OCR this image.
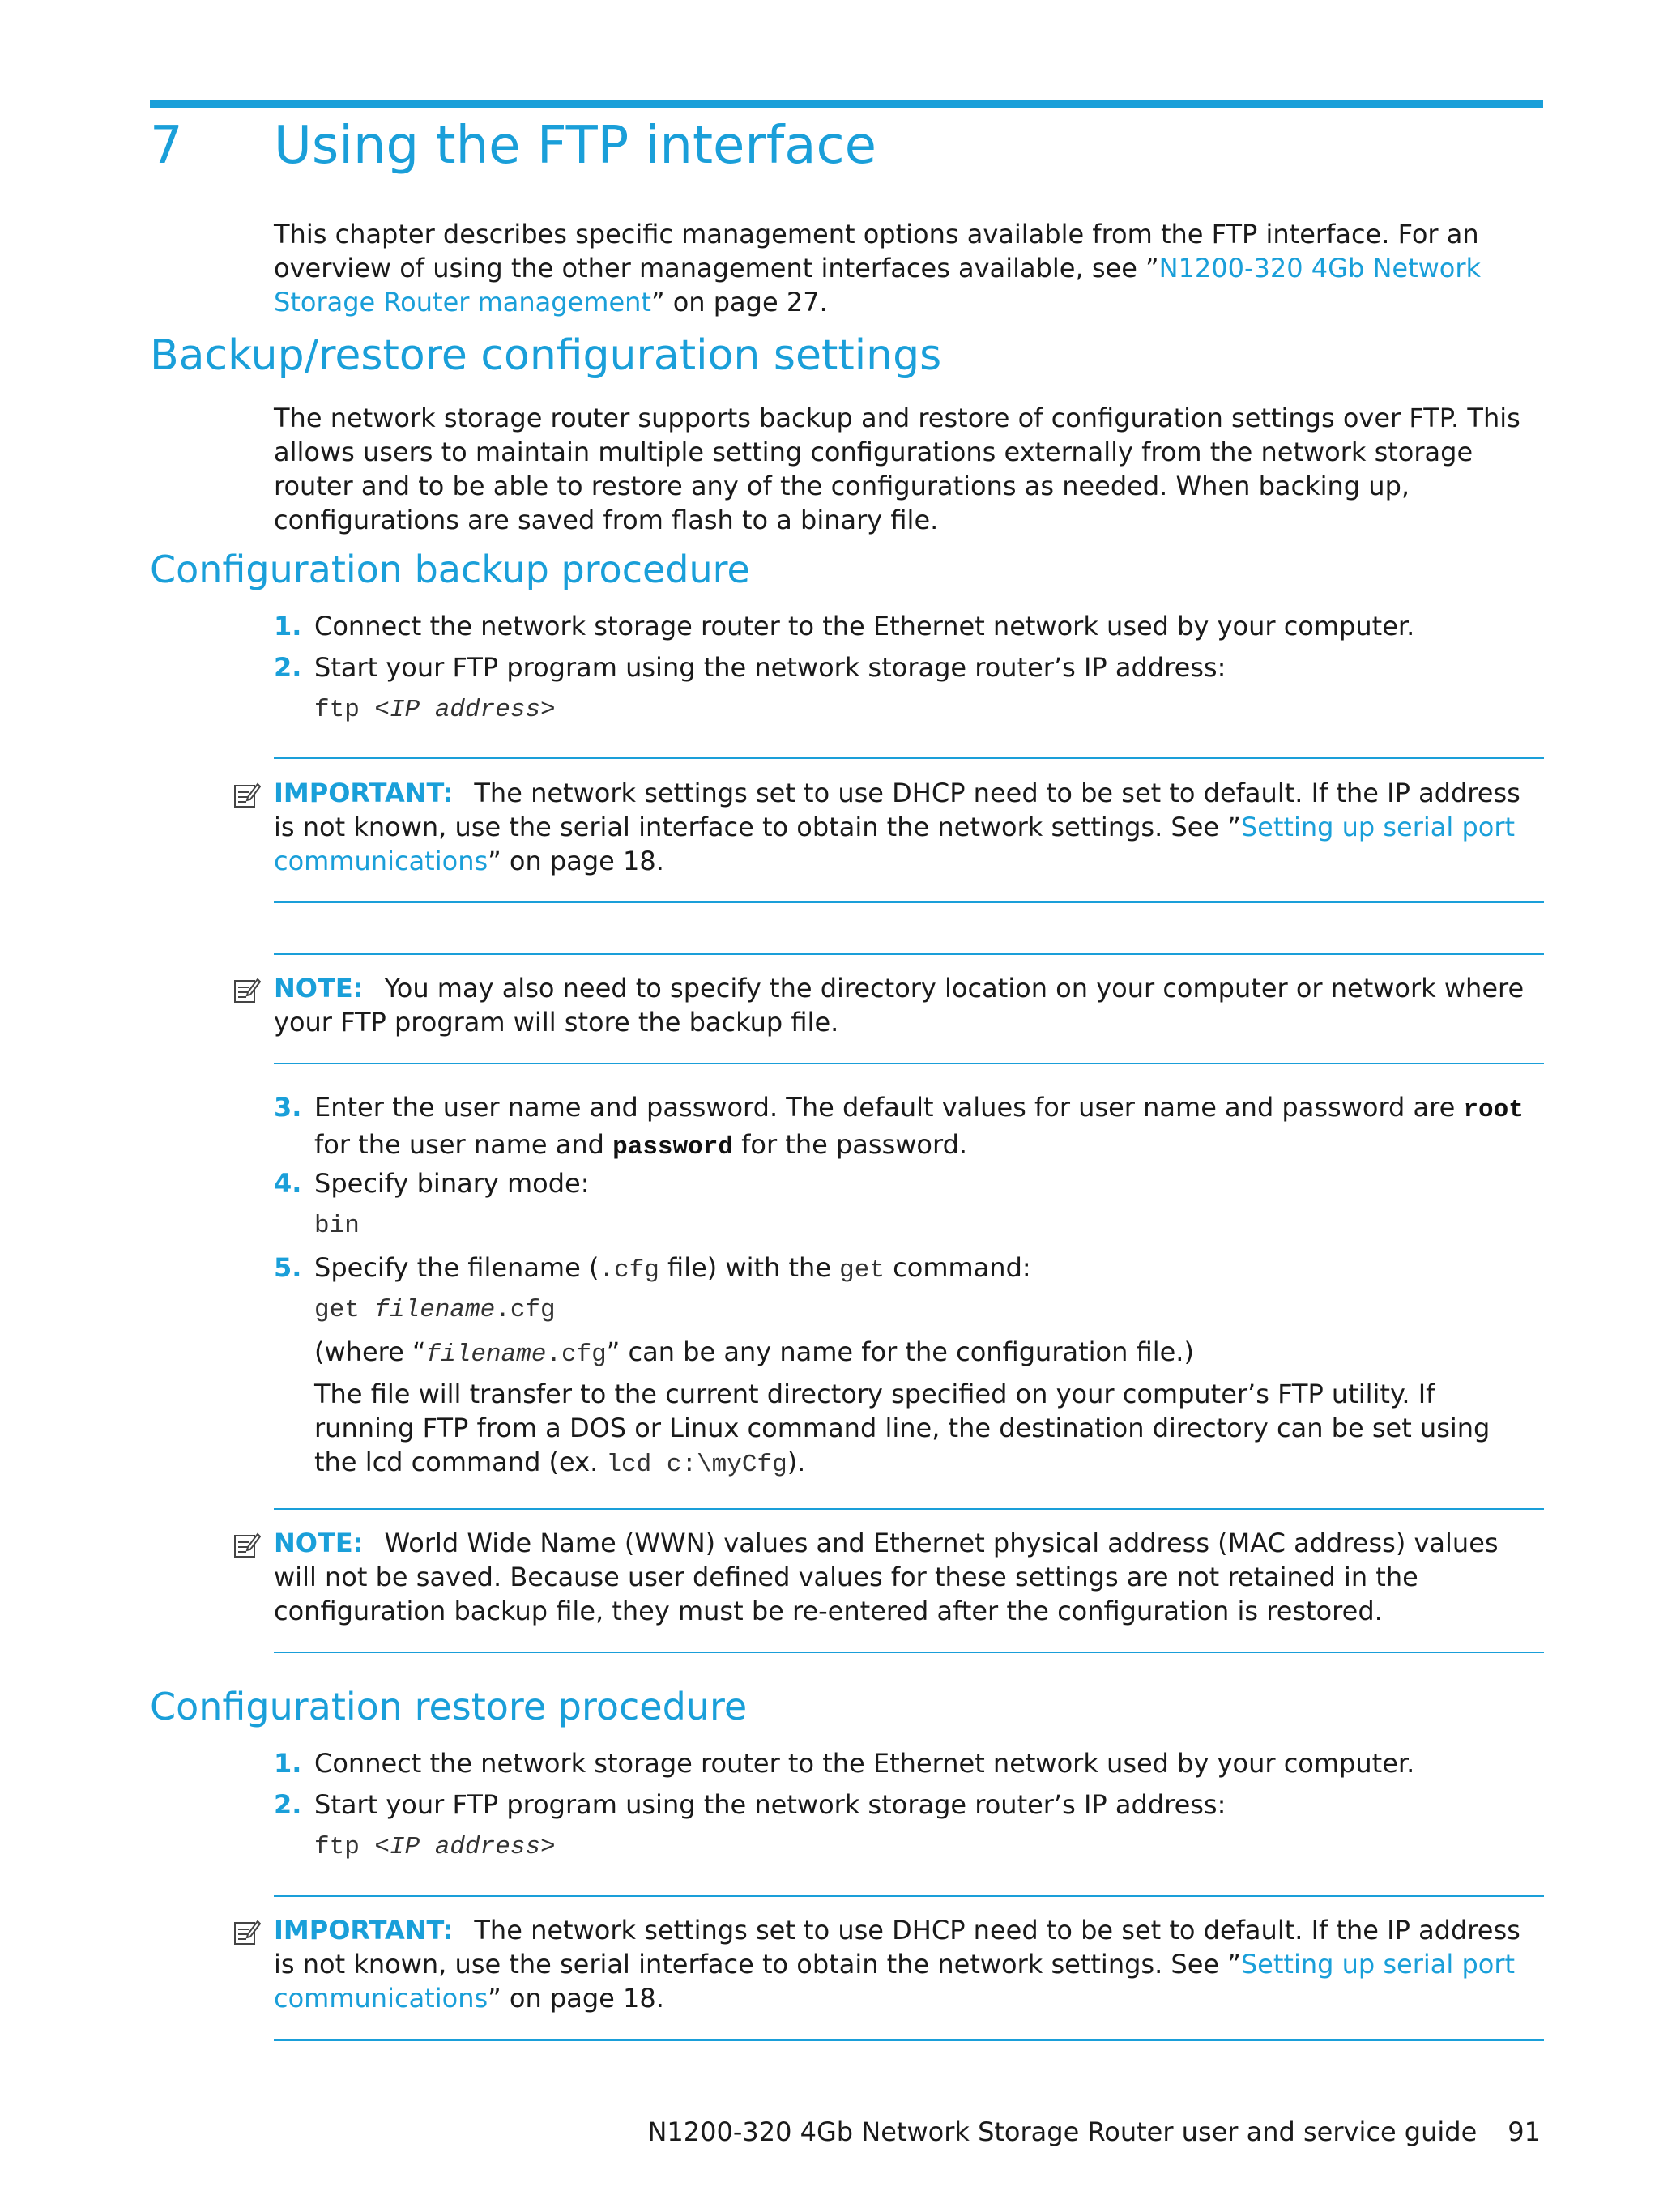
7 Using the FTP interface
This chapter describes specific management options available from the FTP interface. For an overview of using the other management interfaces available, see ”N1200-320 4Gb Network Storage Router management” on page 27.
Backup/restore configuration settings
The network storage router supports backup and restore of configuration settings over FTP. This allows users to maintain multiple setting configurations externally from the network storage router and to be able to restore any of the configurations as needed. When backing up, configurations are saved from flash to a binary file.
Configuration backup procedure
1. Connect the network storage router to the Ethernet network used by your computer.
2. Start your FTP program using the network storage router’s IP address:
ftp <IP address>
IMPORTANT: The network settings set to use DHCP need to be set to default. If the IP address is not known, use the serial interface to obtain the network settings. See ”Setting up serial port communications” on page 18.
NOTE: You may also need to specify the directory location on your computer or network where your FTP program will store the backup file.
3. Enter the user name and password. The default values for user name and password are root for the user name and password for the password.
4. Specify binary mode:
bin
5. Specify the filename (.cfg file) with the get command:
get filename.cfg
(where “filename.cfg” can be any name for the configuration file.)
The file will transfer to the current directory specified on your computer’s FTP utility. If running FTP from a DOS or Linux command line, the destination directory can be set using the lcd command (ex. lcd c:\myCfg).
NOTE: World Wide Name (WWN) values and Ethernet physical address (MAC address) values will not be saved. Because user defined values for these settings are not retained in the configuration backup file, they must be re-entered after the configuration is restored.
Configuration restore procedure
1. Connect the network storage router to the Ethernet network used by your computer.
2. Start your FTP program using the network storage router’s IP address:
ftp <IP address>
IMPORTANT: The network settings set to use DHCP need to be set to default. If the IP address is not known, use the serial interface to obtain the network settings. See ”Setting up serial port communications” on page 18.
N1200-320 4Gb Network Storage Router user and service guide 91
